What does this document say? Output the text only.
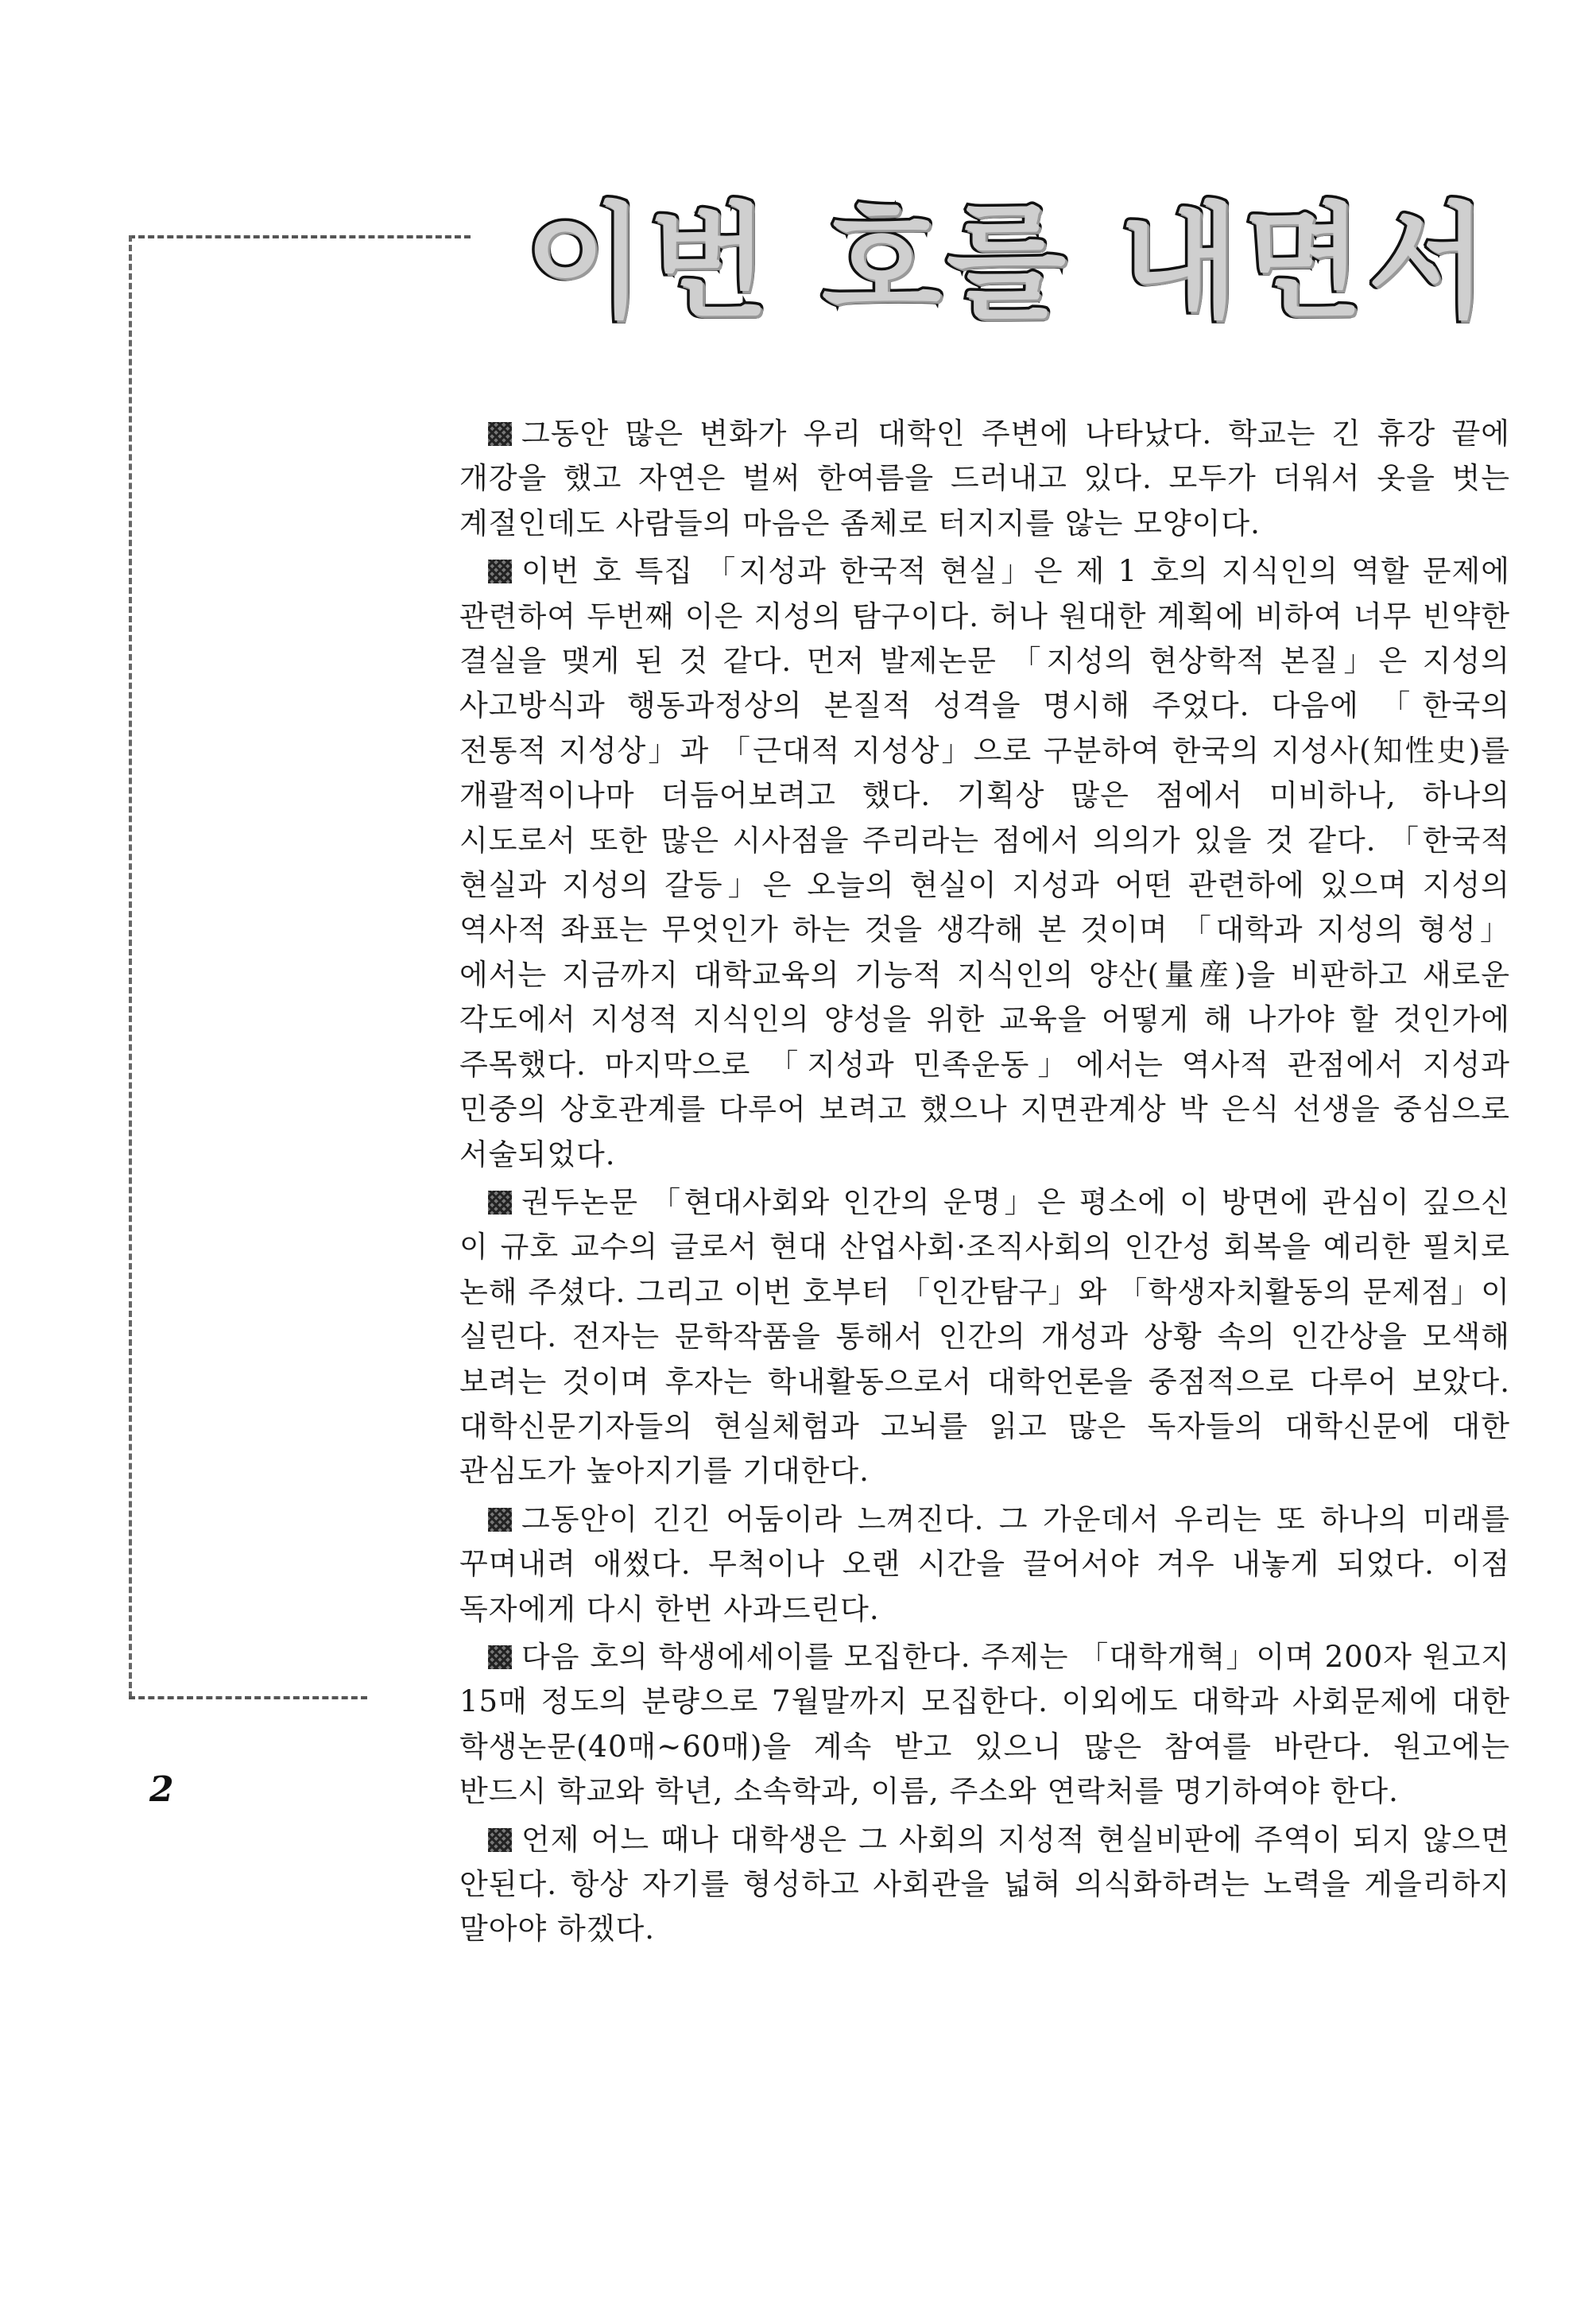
이번 호를 내면서

그동안 많은 변화가 우리 대학인 주변에 나타났다. 학교는 긴 휴강 끝에 개강을 했고 자연은 벌써 한여름을 드러내고 있다. 모두가 더워서 옷을 벗는 계절인데도 사람들의 마음은 좀체로 터지지를 않는 모양이다.

이번 호 특집 「지성과 한국적 현실」은 제 1 호의 지식인의 역할 문제에 관련하여 두번째 이은 지성의 탐구이다. 허나 원대한 계획에 비하여 너무 빈약한 결실을 맺게 된 것 같다. 먼저 발제논문 「지성의 현상학적 본질」은 지성의 사고방식과 행동과정상의 본질적 성격을 명시해 주었다. 다음에 「한국의 전통적 지성상」과 「근대적 지성상」으로 구분하여 한국의 지성사(知性史)를 개괄적이나마 더듬어보려고 했다. 기획상 많은 점에서 미비하나, 하나의 시도로서 또한 많은 시사점을 주리라는 점에서 의의가 있을 것 같다. 「한국적 현실과 지성의 갈등」은 오늘의 현실이 지성과 어떤 관련하에 있으며 지성의 역사적 좌표는 무엇인가 하는 것을 생각해 본 것이며 「대학과 지성의 형성」에서는 지금까지 대학교육의 기능적 지식인의 양산(量産)을 비판하고 새로운 각도에서 지성적 지식인의 양성을 위한 교육을 어떻게 해 나가야 할 것인가에 주목했다. 마지막으로 「지성과 민족운동」에서는 역사적 관점에서 지성과 민중의 상호관계를 다루어 보려고 했으나 지면관계상 박 은식 선생을 중심으로 서술되었다.

권두논문 「현대사회와 인간의 운명」은 평소에 이 방면에 관심이 깊으신 이 규호 교수의 글로서 현대 산업사회·조직사회의 인간성 회복을 예리한 필치로 논해 주셨다. 그리고 이번 호부터 「인간탐구」와 「학생자치활동의 문제점」이 실린다. 전자는 문학작품을 통해서 인간의 개성과 상황 속의 인간상을 모색해 보려는 것이며 후자는 학내활동으로서 대학언론을 중점적으로 다루어 보았다. 대학신문기자들의 현실체험과 고뇌를 읽고 많은 독자들의 대학신문에 대한 관심도가 높아지기를 기대한다.

그동안이 긴긴 어둠이라 느껴진다. 그 가운데서 우리는 또 하나의 미래를 꾸며내려 애썼다. 무척이나 오랜 시간을 끌어서야 겨우 내놓게 되었다. 이점 독자에게 다시 한번 사과드린다.

다음 호의 학생에세이를 모집한다. 주제는 「대학개혁」이며 200자 원고지 15매 정도의 분량으로 7월말까지 모집한다. 이외에도 대학과 사회문제에 대한 학생논문(40매~60매)을 계속 받고 있으니 많은 참여를 바란다. 원고에는 반드시 학교와 학년, 소속학과, 이름, 주소와 연락처를 명기하여야 한다.

언제 어느 때나 대학생은 그 사회의 지성적 현실비판에 주역이 되지 않으면 안된다. 항상 자기를 형성하고 사회관을 넓혀 의식화하려는 노력을 게을리하지 말아야 하겠다.

2
